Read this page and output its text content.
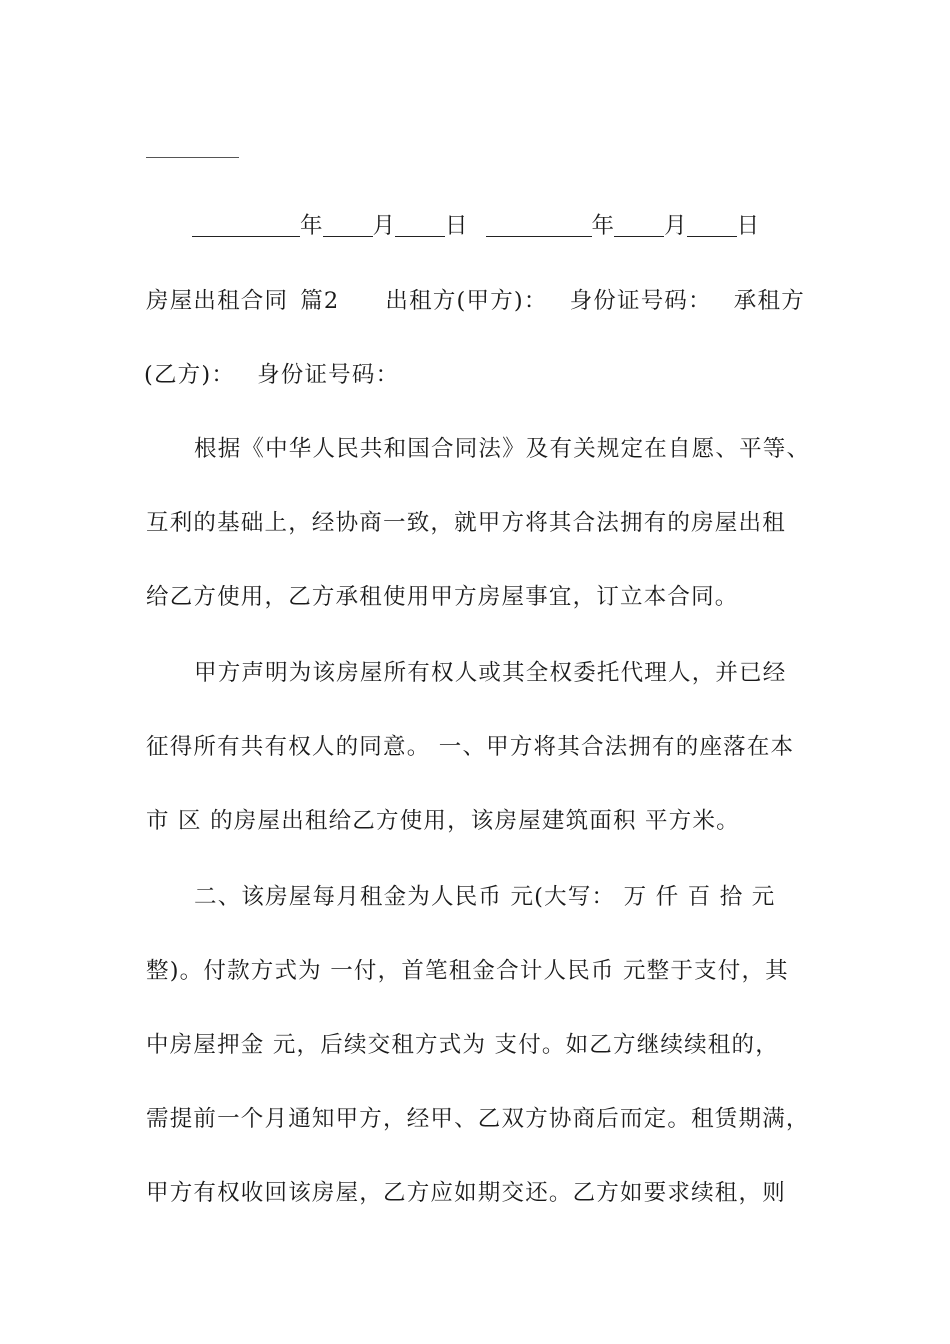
年 月 日	年 月 日
房屋出租合同 篇2 出租方(甲方)： 身份证号码： 承租方
(乙方)： 身份证号码：
根据《中华人民共和国合同法》及有关规定在自愿、平等、
互利的基础上，经协商一致，就甲方将其合法拥有的房屋出租
给乙方使用，乙方承租使用甲方房屋事宜，订立本合同。
甲方声明为该房屋所有权人或其全权委托代理人，并已经
征得所有共有权人的同意。 一、甲方将其合法拥有的座落在本
市 区 的房屋出租给乙方使用，该房屋建筑面积 平方米。
二、该房屋每月租金为人民币 元(大写： 万 仟 百 拾 元
整)。付款方式为 一付，首笔租金合计人民币 元整于支付，其
中房屋押金 元，后续交租方式为 支付。如乙方继续续租的，
需提前一个月通知甲方，经甲、乙双方协商后而定。租赁期满，
甲方有权收回该房屋，乙方应如期交还。乙方如要求续租，则
